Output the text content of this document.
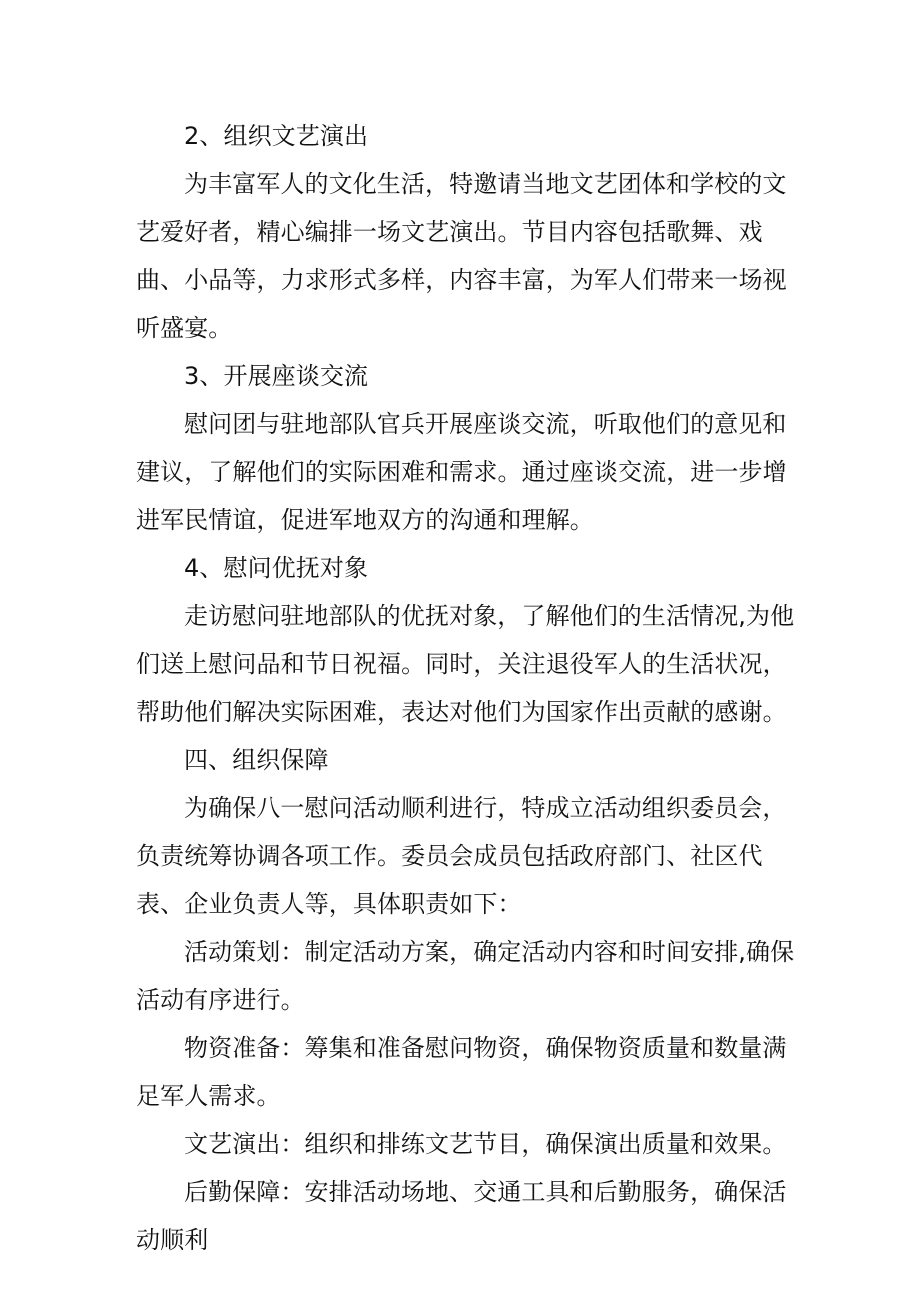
2、组织文艺演出

为丰富军人的文化生活，特邀请当地文艺团体和学校的文艺爱好者，精心编排一场文艺演出。节目内容包括歌舞、戏曲、小品等，力求形式多样，内容丰富，为军人们带来一场视听盛宴。

3、开展座谈交流

慰问团与驻地部队官兵开展座谈交流，听取他们的意见和建议，了解他们的实际困难和需求。通过座谈交流，进一步增进军民情谊，促进军地双方的沟通和理解。

4、慰问优抚对象

走访慰问驻地部队的优抚对象，了解他们的生活情况,为他们送上慰问品和节日祝福。同时，关注退役军人的生活状况，帮助他们解决实际困难，表达对他们为国家作出贡献的感谢。

四、组织保障

为确保八一慰问活动顺利进行，特成立活动组织委员会，负责统筹协调各项工作。委员会成员包括政府部门、社区代表、企业负责人等，具体职责如下：

活动策划：制定活动方案，确定活动内容和时间安排,确保活动有序进行。

物资准备：筹集和准备慰问物资，确保物资质量和数量满足军人需求。

文艺演出：组织和排练文艺节目，确保演出质量和效果。

后勤保障：安排活动场地、交通工具和后勤服务，确保活动顺利
